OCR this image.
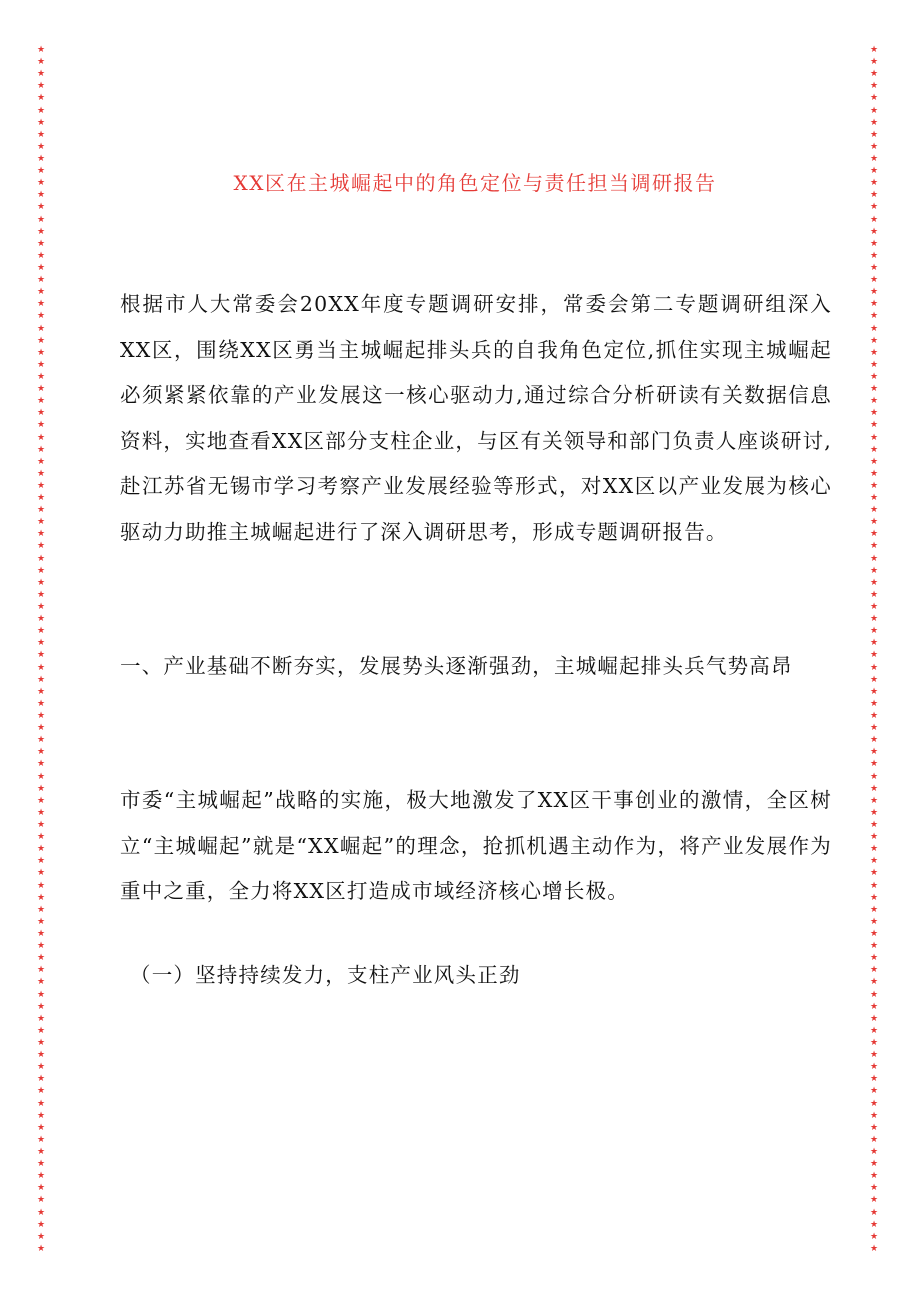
★
★
★
★
★
★
★
★
★
★
★
★
★
★
★
★
★
★
★
★
★
★
★
★
★
★
★
★
★
★
★
★
★
★
★
★
★
★
★
★
★
★
★
★
★
★
★
★
★
★
★
★
★
★
★
★
★
★
★
★
★
★
★
★
★
★
★
★
★
★
★
★
★
★
★
★
★
★
★
★
★
★
★
★
★
★
★
★
★
★
★
★
★
★
★
★
★
★
★
★
★
★
★
★
★
★
★
★
★
★
★
★
★
★
★
★
★
★
★
★
★
★
★
★
★
★
★
★
★
★
★
★
★
★
★
★
★
★
★
★
★
★
★
★
★
★
★
★
★
★
★
★
★
★
★
★
★
★
★
★
★
★
★
★
★
★
★
★
★
★
★
★
★
★
★
★
★
★
★
★
★
★
★
★
★
★
★
★
★
★
★
★
★
★
★
★
★
★
★
★
XX区在主城崛起中的角色定位与责任担当调研报告
根据市人大常委会20XX年度专题调研安排，常委会第二专题调研组深入XX区，围绕XX区勇当主城崛起排头兵的自我角色定位,抓住实现主城崛起必须紧紧依靠的产业发展这一核心驱动力,通过综合分析研读有关数据信息资料，实地查看XX区部分支柱企业，与区有关领导和部门负责人座谈研讨,赴江苏省无锡市学习考察产业发展经验等形式，对XX区以产业发展为核心驱动力助推主城崛起进行了深入调研思考，形成专题调研报告。
一、产业基础不断夯实，发展势头逐渐强劲，主城崛起排头兵气势高昂
市委“主城崛起”战略的实施，极大地激发了XX区干事创业的激情，全区树立“主城崛起”就是“XX崛起”的理念，抢抓机遇主动作为，将产业发展作为重中之重，全力将XX区打造成市域经济核心增长极。
（一）坚持持续发力，支柱产业风头正劲
